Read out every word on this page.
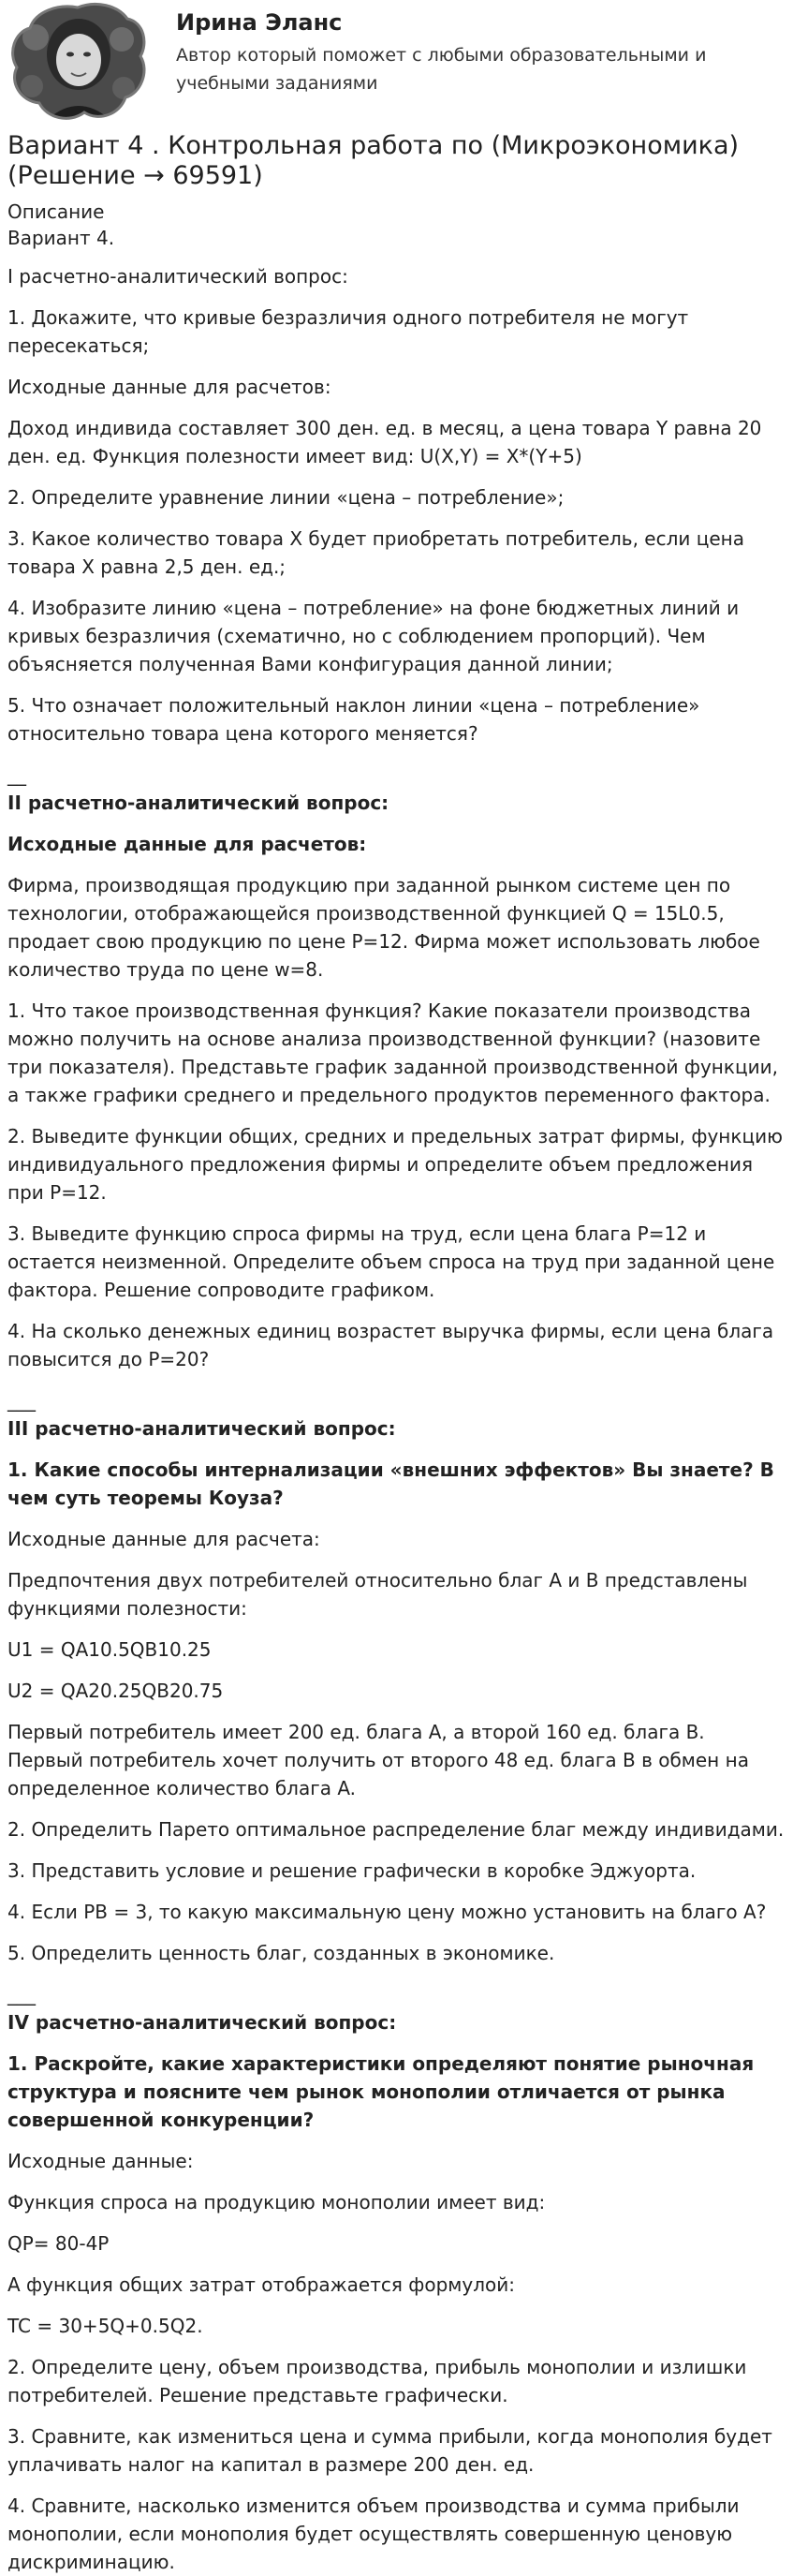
Ирина Эланс
Автор который поможет с любыми образовательными и учебными заданиями
Вариант 4 . Контрольная работа по (Микроэкономика) (Решение → 69591)
Описание
Вариант 4.

I расчетно-аналитический вопрос:

1. Докажите, что кривые безразличия одного потребителя не могут пересекаться;

Исходные данные для расчетов:

Доход индивида составляет 300 ден. ед. в месяц, а цена товара Y равна 20 ден. ед. Функция полезности имеет вид: U(X,Y) = X*(Y+5)

2. Определите уравнение линии «цена – потребление»;

3. Какое количество товара X будет приобретать потребитель, если цена товара X равна 2,5 ден. ед.;

4. Изобразите линию «цена – потребление» на фоне бюджетных линий и кривых безразличия (схематично, но с соблюдением пропорций). Чем объясняется полученная Вами конфигурация данной линии;

5. Что означает положительный наклон линии «цена – потребление» относительно товара цена которого меняется?

__

II расчетно-аналитический вопрос:

Исходные данные для расчетов:

Фирма, производящая продукцию при заданной рынком системе цен по технологии, отображающейся производственной функцией Q = 15L0.5, продает свою продукцию по цене P=12. Фирма может использовать любое количество труда по цене w=8.

1. Что такое производственная функция? Какие показатели производства можно получить на основе анализа производственной функции? (назовите три показателя). Представьте график заданной производственной функции, а также графики среднего и предельного продуктов переменного фактора.

2. Выведите функции общих, средних и предельных затрат фирмы, функцию индивидуального предложения фирмы и определите объем предложения при P=12.

3. Выведите функцию спроса фирмы на труд, если цена блага P=12 и остается неизменной. Определите объем спроса на труд при заданной цене фактора. Решение сопроводите графиком.

4. На сколько денежных единиц возрастет выручка фирмы, если цена блага повысится до P=20?

___

III расчетно-аналитический вопрос:

1. Какие способы интернализации «внешних эффектов» Вы знаете? В чем суть теоремы Коуза?

Исходные данные для расчета:

Предпочтения двух потребителей относительно благ A и B представлены функциями полезности:

U1 = QA10.5QB10.25

U2 = QA20.25QB20.75

Первый потребитель имеет 200 ед. блага A, а второй 160 ед. блага B. Первый потребитель хочет получить от второго 48 ед. блага B в обмен на определенное количество блага A.

2. Определить Парето оптимальное распределение благ между индивидами.

3. Представить условие и решение графически в коробке Эджуорта.

4. Если PB = 3, то какую максимальную цену можно установить на благо A?

5. Определить ценность благ, созданных в экономике.

___

IV расчетно-аналитический вопрос:

1. Раскройте, какие характеристики определяют понятие рыночная структура и поясните чем рынок монополии отличается от рынка совершенной конкуренции?

Исходные данные:

Функция спроса на продукцию монополии имеет вид:

QP= 80-4P

А функция общих затрат отображается формулой:

TC = 30+5Q+0.5Q2.

2. Определите цену, объем производства, прибыль монополии и излишки потребителей. Решение представьте графически.

3. Сравните, как измениться цена и сумма прибыли, когда монополия будет уплачивать налог на капитал в размере 200 ден. ед.

4. Сравните, насколько изменится объем производства и сумма прибыли монополии, если монополия будет осуществлять совершенную ценовую дискриминацию.
